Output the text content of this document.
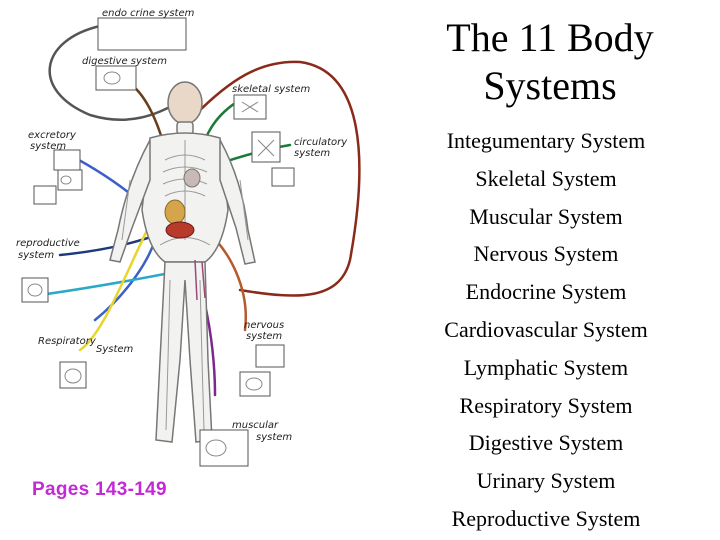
endo crine system
digestive system
skeletal system
excretory
system	circulatory
system
reproductive
system
nervous
system
Respiratory
System
muscular
system
The 11 Body
Systems
Integumentary System
Skeletal System
Muscular System
Nervous System
Endocrine System
Cardiovascular System
Lymphatic System
Respiratory System
Digestive System
Urinary System
Reproductive System
Pages 143-149
